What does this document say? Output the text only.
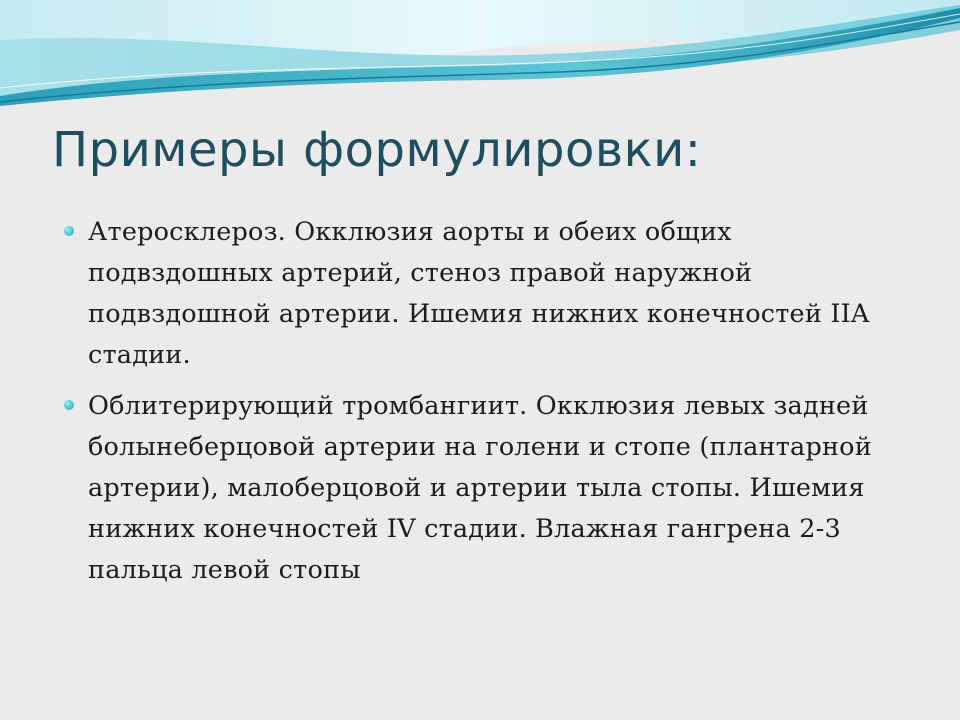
Примеры формулировки:
Атеросклероз. Окклюзия аорты и обеих общих подвздошных артерий, стеноз правой наружной подвздошной артерии. Ишемия нижних конечностей IIA стадии.
Облитерирующий тромбангиит. Окклюзия левых задней болынеберцовой артерии на голени и стопе (плантарной артерии), малоберцовой и артерии тыла стопы. Ишемия нижних конечностей IV стадии. Влажная гангрена 2-3 пальца левой стопы
